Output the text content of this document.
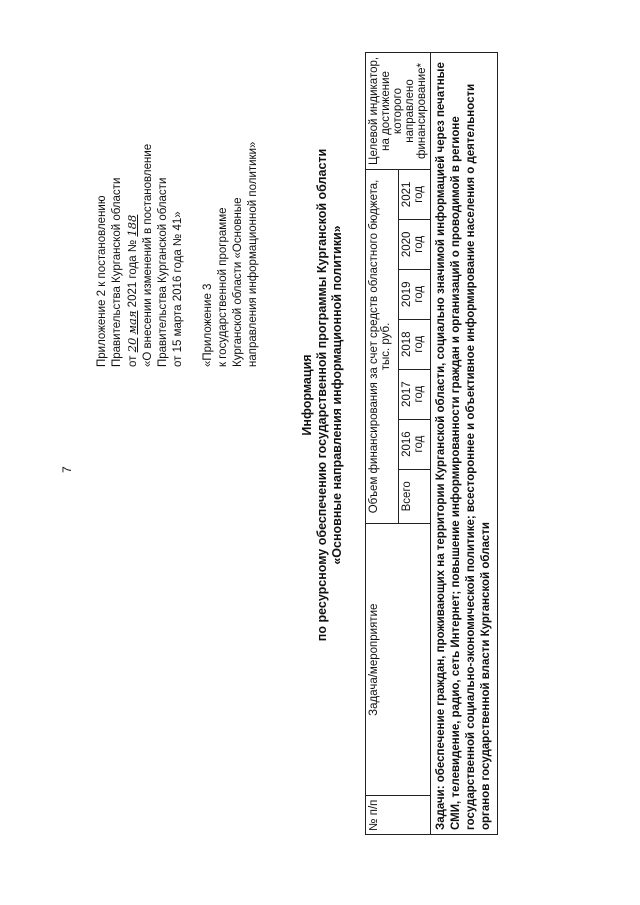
7
Приложение 2 к постановлению Правительства Курганской области от 20 мая 2021 года № 188 «О внесении изменений в постановление Правительства Курганской области от 15 марта 2016 года № 41» «Приложение 3 к государственной программе Курганской области «Основные направления информационной политики»
Информация по ресурсному обеспечению государственной программы Курганской области «Основные направления информационной политики»
№ п/п	Задача/мероприятие	Объем финансирования за счет средств областного бюджета, тыс. руб.							Целевой индикатор, на достижение которого направлено финансирование*
		Всего	2016 год	2017 год	2018 год	2019 год	2020 год	2021 год	
Задачи: обеспечение граждан, проживающих на территории Курганской области, социально значимой информацией через печатные СМИ, телевидение, радио, сеть Интернет; повышение информированности граждан и организаций о проводимой в регионе государственной социально-экономической политике; всестороннее и объективное информирование населения о деятельности органов государственной власти Курганской области									
